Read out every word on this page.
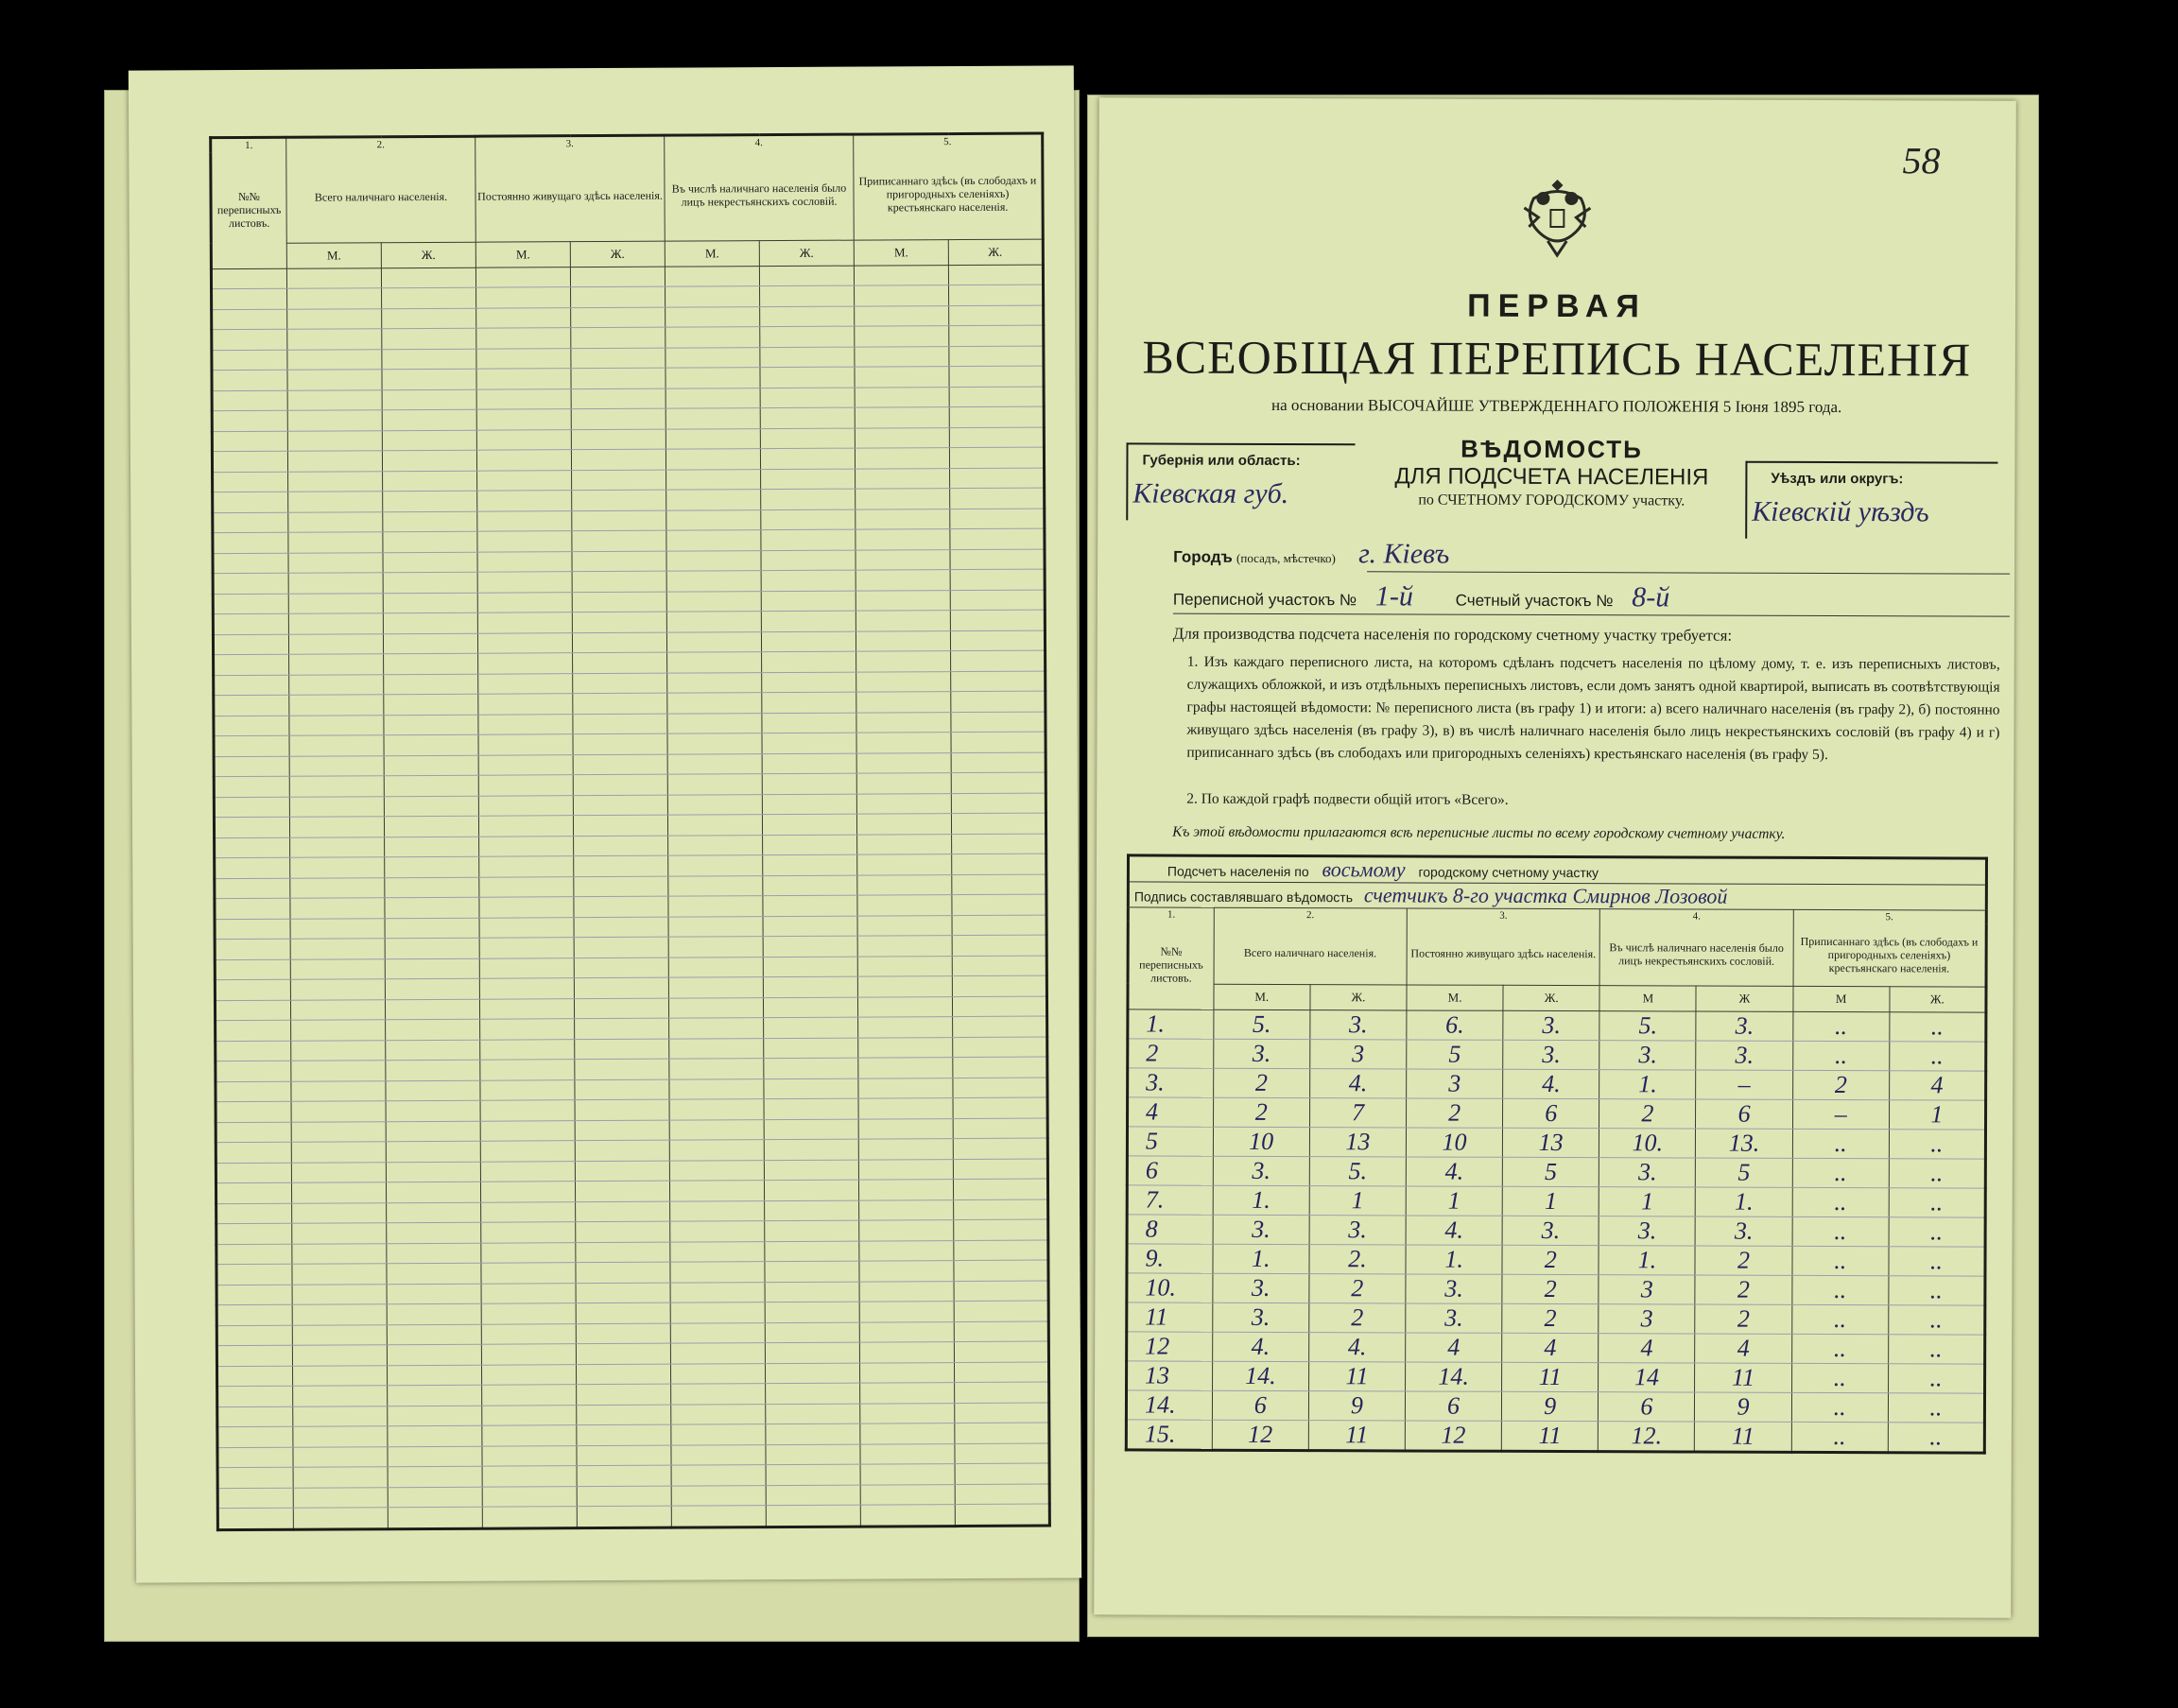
1.	2.		3.		4.		5.	
№№ переписныхъ листовъ.	Всего наличнаго населенія.		Постоянно живущаго здѣсь населенія.		Въ числѣ наличнаго населенія было лицъ некрестьянскихъ сословій.		Приписаннаго здѣсь (въ слободахъ и пригородныхъ селеніяхъ) крестьянскаго населенія.	
	М.	Ж.	М.	Ж.	М.	Ж.	М.	Ж.

58
ПЕРВАЯ
ВСЕОБЩАЯ ПЕРЕПИСЬ НАСЕЛЕНІЯ
на основании ВЫСОЧАЙШЕ УТВЕРЖДЕННАГО ПОЛОЖЕНІЯ 5 Іюня 1895 года.
Губернія или область:
Кіевская губ.
ВѢДОМОСТЬ
ДЛЯ ПОДСЧЕТА НАСЕЛЕНІЯ
по СЧЕТНОМУ ГОРОДСКОМУ участку.
Уѣздъ или округъ:
Кіевскій уѣздъ
Городъ (посадъ, мѣстечко) г. Кіевъ
Переписной участокъ № 1-й	Счетный участокъ № 8-й
Для производства подсчета населенія по городскому счетному участку требуется:
1. Изъ каждаго переписного листа, на которомъ сдѣланъ подсчетъ населенія по цѣлому дому, т. е. изъ переписныхъ листовъ, служащихъ обложкой, и изъ отдѣльныхъ переписныхъ листовъ, если домъ занятъ одной квартирой, выписать въ соотвѣтствующія графы настоящей вѣдомости: № переписного листа (въ графу 1) и итоги: а) всего наличнаго населенія (въ графу 2), б) постоянно живущаго здѣсь населенія (въ графу 3), в) въ числѣ наличнаго населенія было лицъ некрестьянскихъ сословій (въ графу 4) и г) приписаннаго здѣсь (въ слободахъ или пригородныхъ селеніяхъ) крестьянскаго населенія (въ графу 5).
2. По каждой графѣ подвести общій итогъ «Всего».
Къ этой вѣдомости прилагаются всѣ переписные листы по всему городскому счетному участку.
Подсчетъ населенія по восьмому городскому счетному участку
Подпись составлявшаго вѣдомость счетчикъ 8-го участка Смирнов Лозовой
1.	2.		3.		4.		5.	
№№ переписныхъ листовъ.	Всего наличнаго населенія.		Постоянно живущаго здѣсь населенія.		Въ числѣ наличнаго населенія было лицъ некрестьянскихъ сословій.		Приписаннаго здѣсь (въ слободахъ и пригородныхъ селеніяхъ) крестьянскаго населенія.	
	М.	Ж.	М.	Ж.	М	Ж	М	Ж.
1.	5.	3.	6.	3.	5.	3.	..	..
2	3.	3	5	3.	3.	3.	..	..
3.	2	4.	3	4.	1.	–	2	4
4	2	7	2	6	2	6	–	1
5	10	13	10	13	10.	13.	..	..
6	3.	5.	4.	5	3.	5	..	..
7.	1.	1	1	1	1	1.	..	..
8	3.	3.	4.	3.	3.	3.	..	..
9.	1.	2.	1.	2	1.	2	..	..
10.	3.	2	3.	2	3	2	..	..
11	3.	2	3.	2	3	2	..	..
12	4.	4.	4	4	4	4	..	..
13	14.	11	14.	11	14	11	..	..
14.	6	9	6	9	6	9	..	..
15.	12	11	12	11	12.	11	..	..
